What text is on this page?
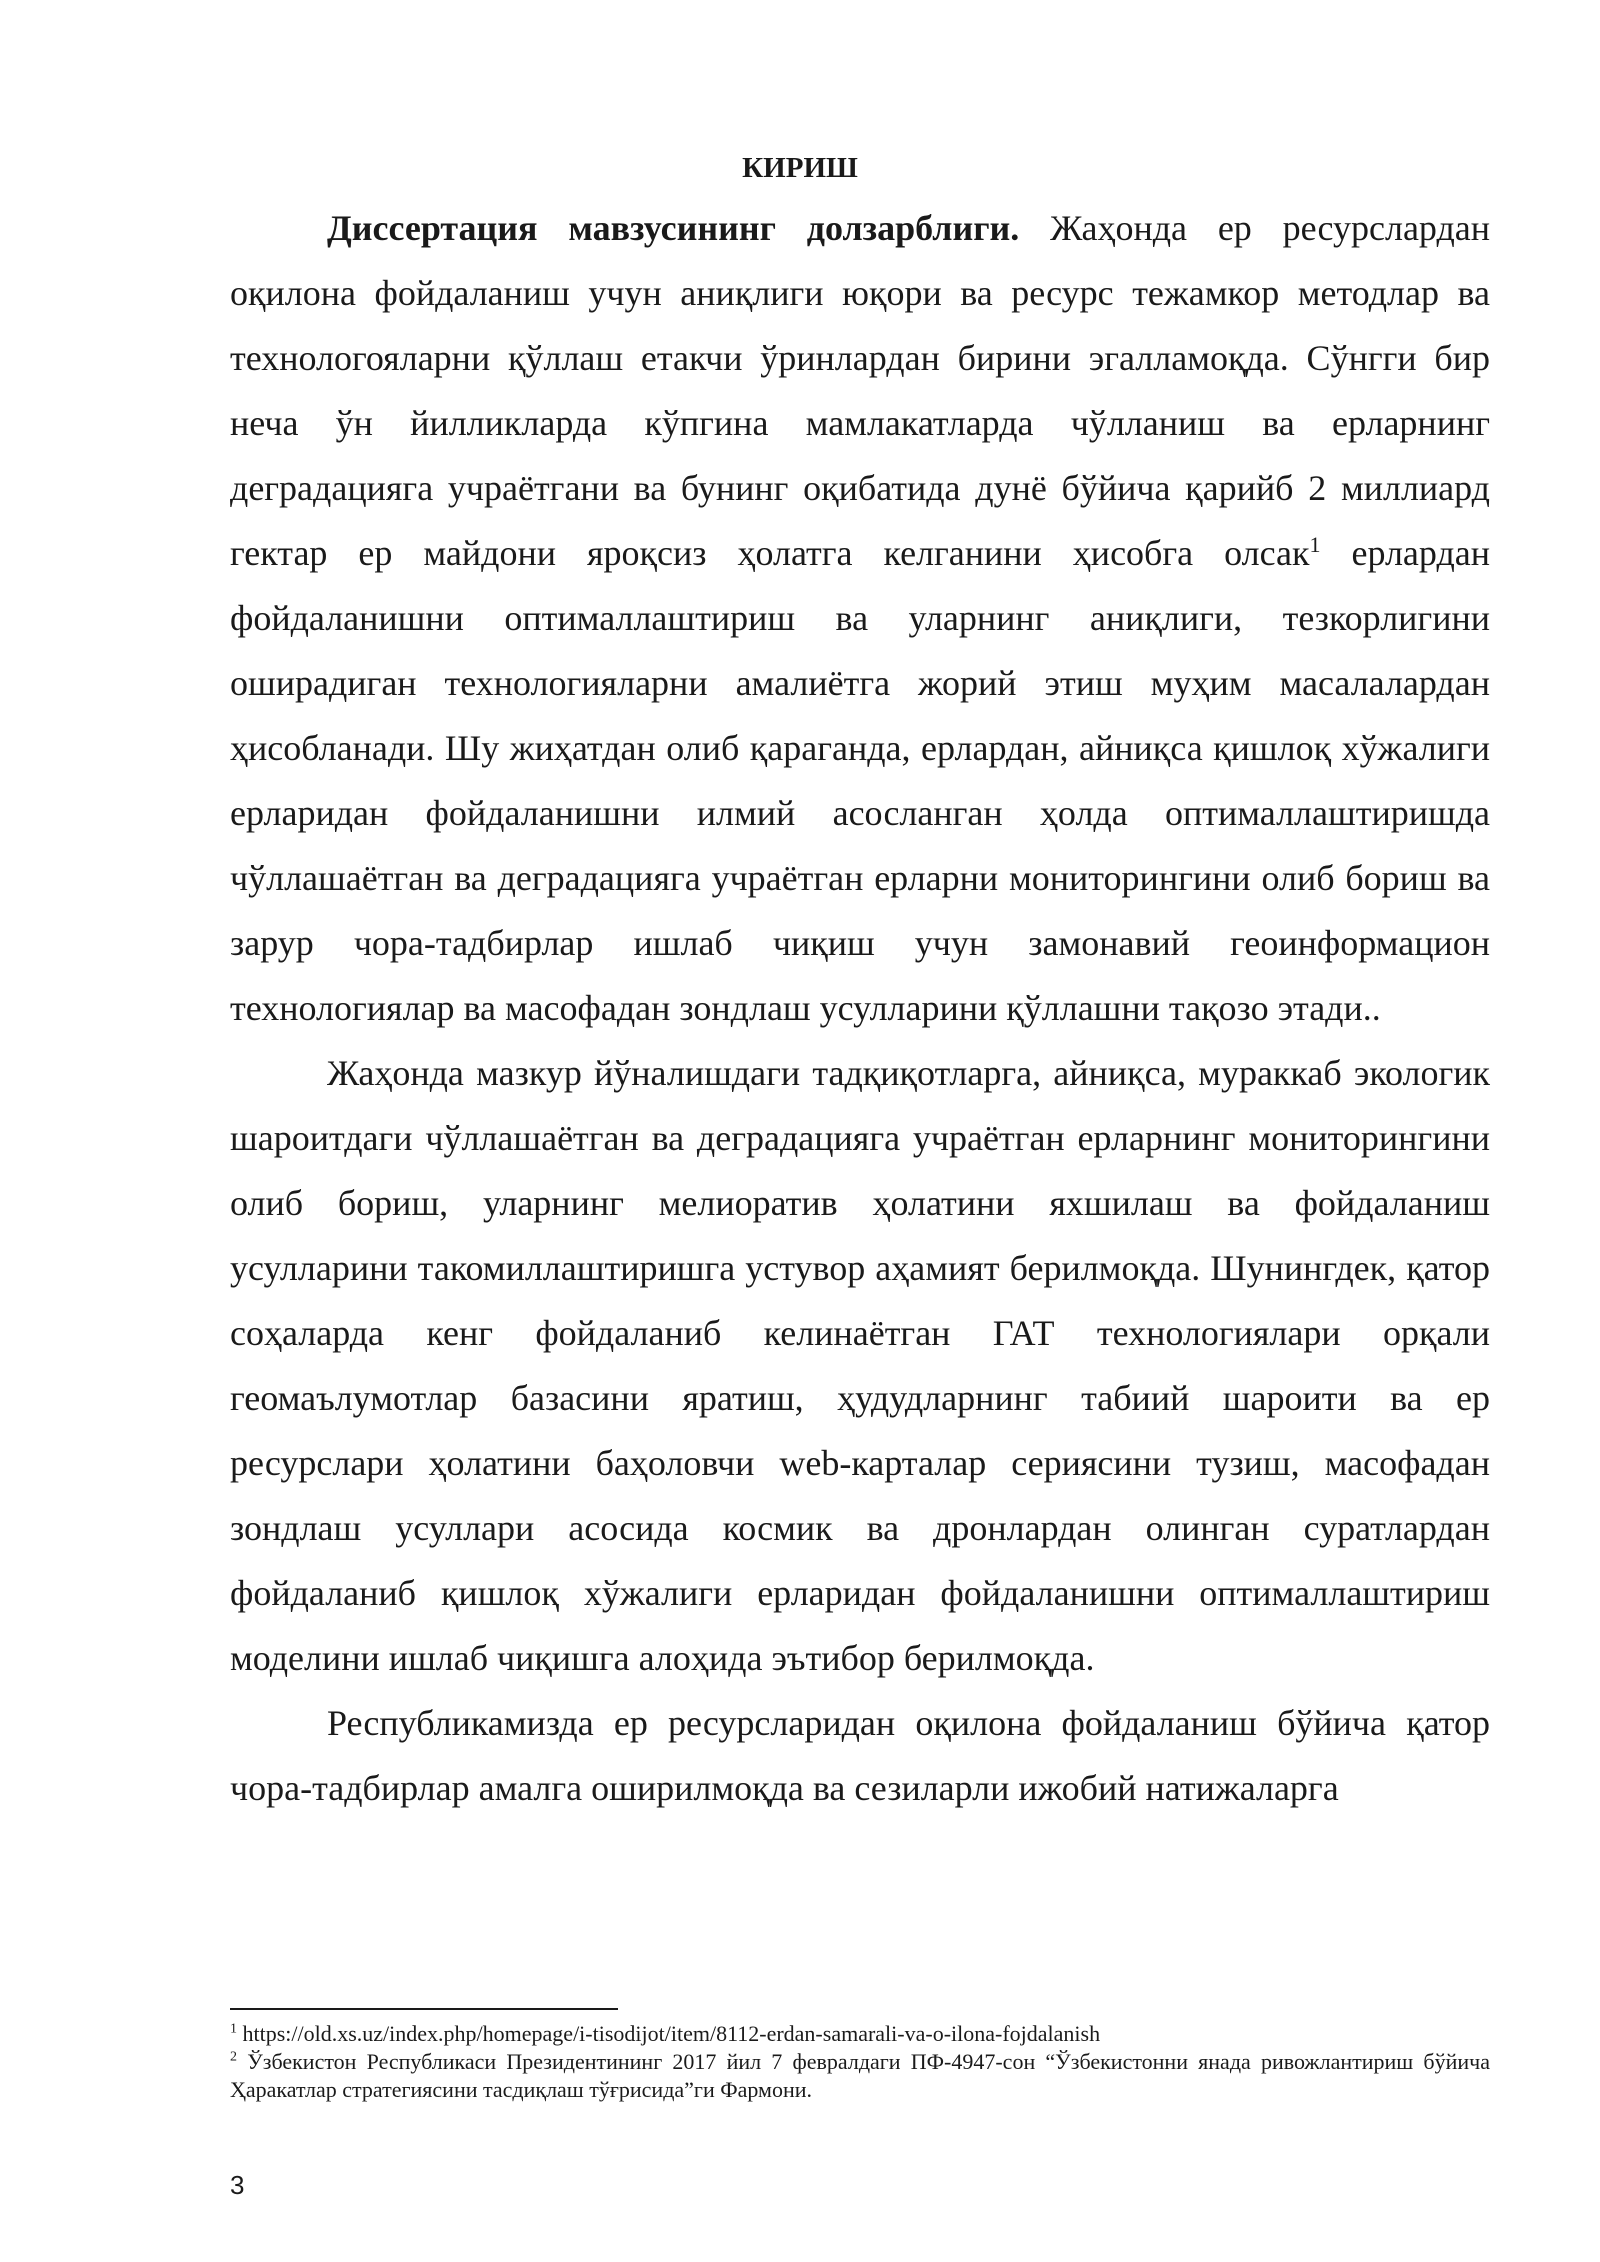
КИРИШ

Диссертация мавзусининг долзарблиги. Жаҳонда ер ресурслардан оқилона фойдаланиш учун аниқлиги юқори ва ресурс тежамкор методлар ва технологояларни қўллаш етакчи ўринлардан бирини эгалламоқда. Сўнгги бир неча ўн йилликларда кўпгина мамлакатларда чўлланиш ва ерларнинг деградацияга учраётгани ва бунинг оқибатида дунё бўйича қарийб 2 миллиард гектар ер майдони яроқсиз ҳолатга келганини ҳисобга олсак$^1$ ерлардан фойдаланишни оптималлаштириш ва уларнинг аниқлиги, тезкорлигини оширадиган технологияларни амалиётга жорий этиш муҳим масалалардан ҳисобланади. Шу жиҳатдан олиб қараганда, ерлардан, айниқса қишлоқ хўжалиги ерларидан фойдаланишни илмий асосланган ҳолда оптималлаштиришда чўллашаётган ва деградацияга учраётган ерларни мониторингини олиб бориш ва зарур чора-тадбирлар ишлаб чиқиш учун замонавий геоинформацион технологиялар ва масофадан зондлаш усулларини қўллашни тақозо этади..

Жаҳонда мазкур йўналишдаги тадқиқотларга, айниқса, мураккаб экологик шароитдаги чўллашаётган ва деградацияга учраётган ерларнинг мониторингини олиб бориш, уларнинг мелиоратив ҳолатини яхшилаш ва фойдаланиш усулларини такомиллаштиришга устувор аҳамият берилмоқда. Шунингдек, қатор соҳаларда кенг фойдаланиб келинаётган ГАТ технологиялари орқали геомаълумотлар базасини яратиш, ҳудудларнинг табиий шароити ва ер ресурслари ҳолатини баҳоловчи web-карталар сериясини тузиш, масофадан зондлаш усуллари асосида космик ва дронлардан олинган суратлардан фойдаланиб қишлоқ хўжалиги ерларидан фойдаланишни оптималлаштириш моделини ишлаб чиқишга алоҳида эътибор берилмоқда.

Республикамизда ер ресурсларидан оқилона фойдаланиш бўйича қатор чора-тадбирлар амалга оширилмоқда ва сезиларли ижобий натижаларга

$^1$ https://old.xs.uz/index.php/homepage/i-tisodijot/item/8112-erdan-samarali-va-o-ilona-fojdalanish

$^2$ Ўзбекистон Республикаси Президентининг 2017 йил 7 февралдаги ПФ-4947-сон “Ўзбекистонни янада ривожлантириш бўйича Ҳаракатлар стратегиясини тасдиқлаш тўғрисида”ги Фармони.

3
